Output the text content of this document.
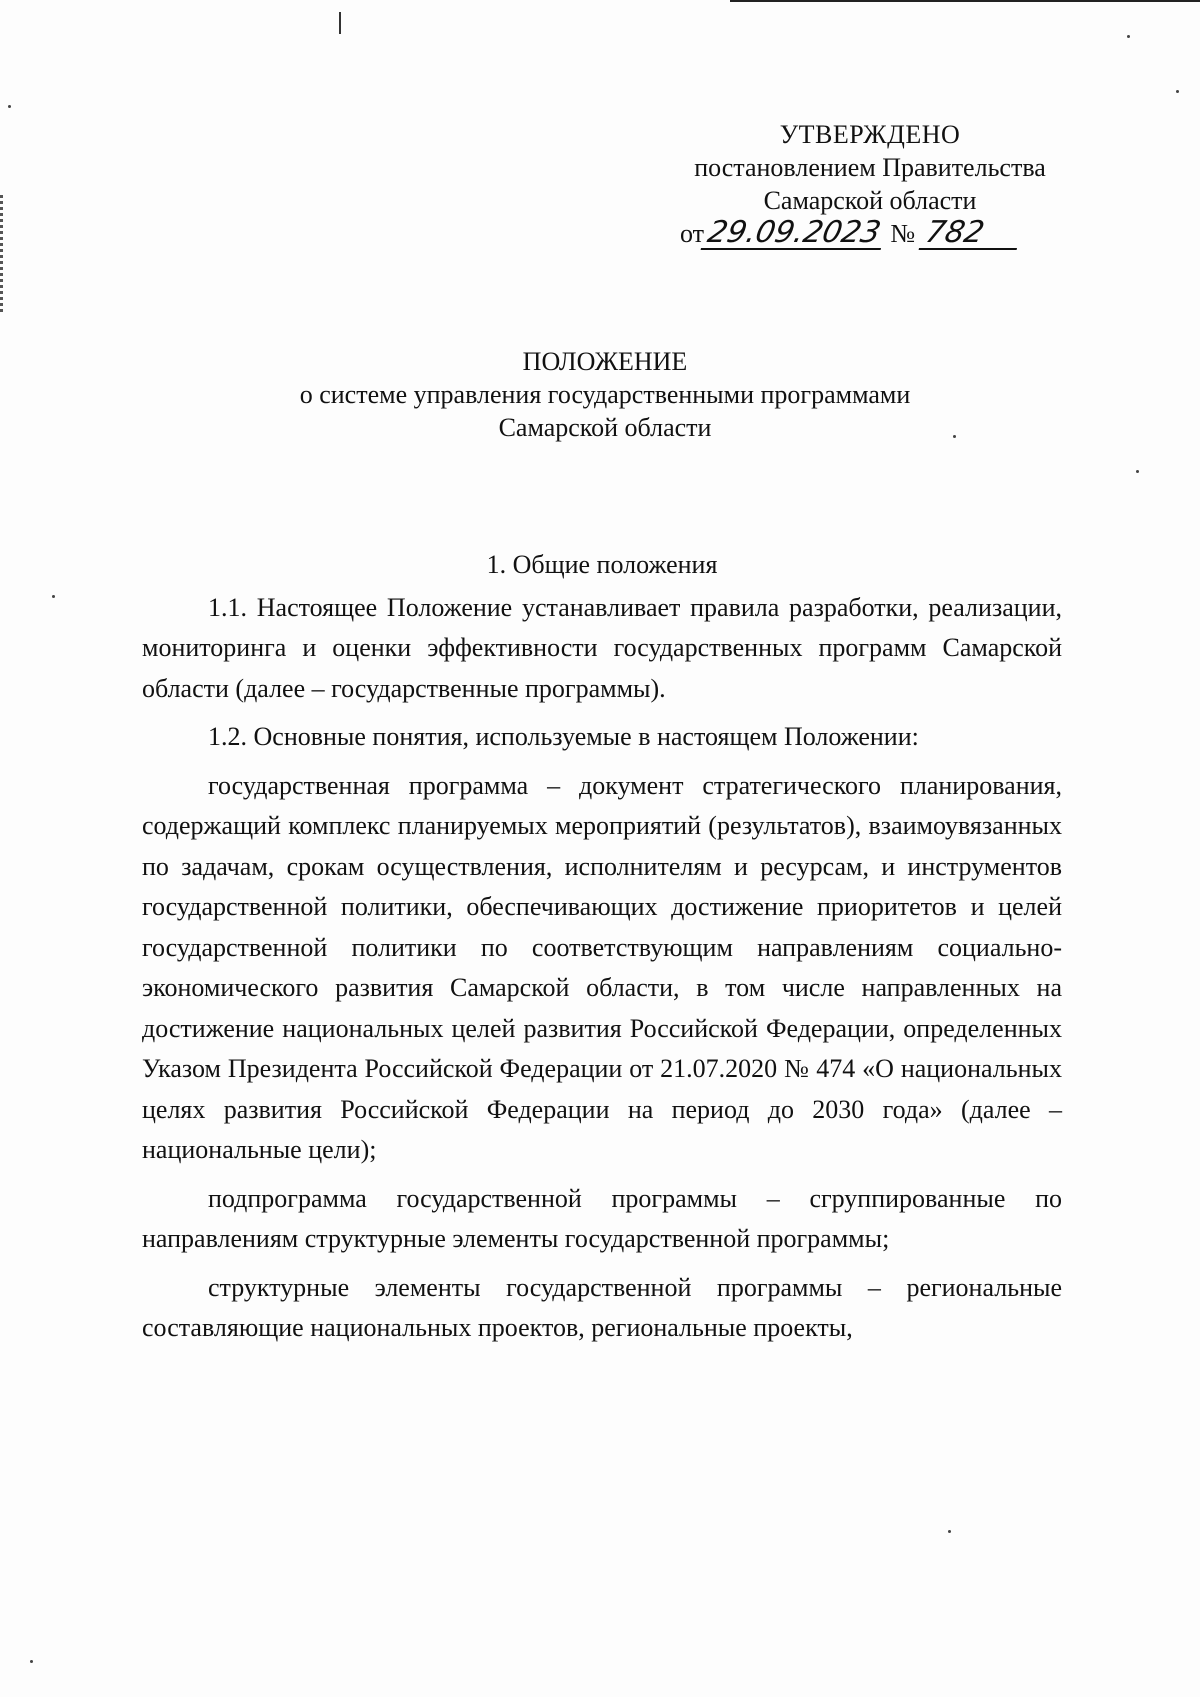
УТВЕРЖДЕНО
постановлением Правительства
Самарской области
от29.09.2023 № 782
ПОЛОЖЕНИЕ
о системе управления государственными программами
Самарской области
1. Общие положения

1.1. Настоящее Положение устанавливает правила разработки, реализации, мониторинга и оценки эффективности государственных программ Самарской области (далее – государственные программы).

1.2. Основные понятия, используемые в настоящем Положении:

государственная программа – документ стратегического планирования, содержащий комплекс планируемых мероприятий (результатов), взаимоувязанных по задачам, срокам осуществления, исполнителям и ресурсам, и инструментов государственной политики, обеспечивающих достижение приоритетов и целей государственной политики по соответствующим направлениям социально-экономического развития Самарской области, в том числе направленных на достижение национальных целей развития Российской Федерации, определенных Указом Президента Российской Федерации от 21.07.2020 № 474 «О национальных целях развития Российской Федерации на период до 2030 года» (далее – национальные цели);

подпрограмма государственной программы – сгруппированные по направлениям структурные элементы государственной программы;

структурные элементы государственной программы – региональные составляющие национальных проектов, региональные проекты,
